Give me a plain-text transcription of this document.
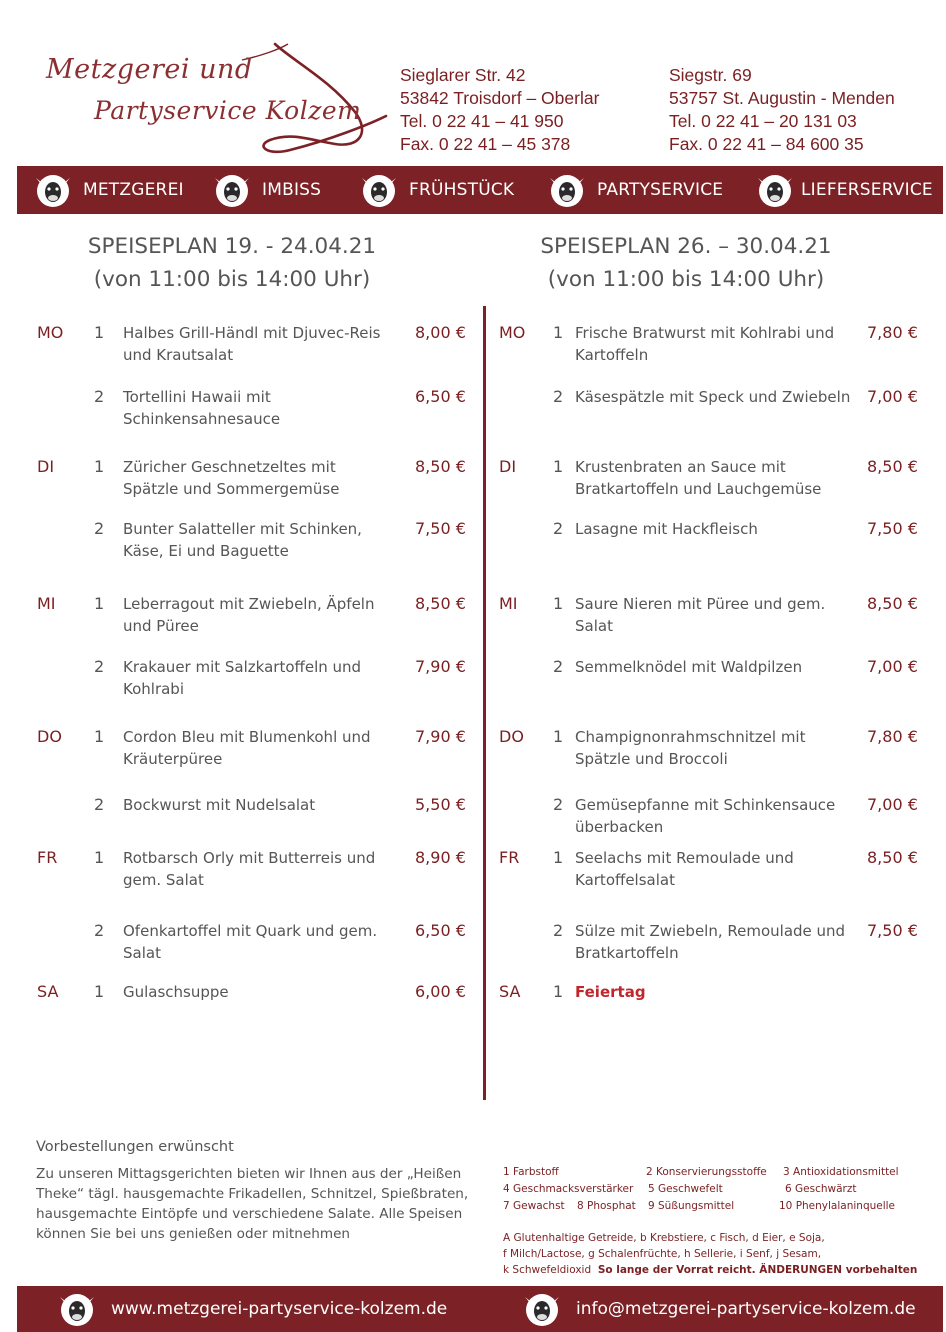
Metzgerei und
Partyservice Kolzem
Sieglarer Str. 42
53842 Troisdorf – Oberlar
Tel. 0 22 41 – 41 950
Fax. 0 22 41 – 45 378
Siegstr. 69
53757 St. Augustin - Menden
Tel. 0 22 41 – 20 131 03
Fax. 0 22 41 – 84 600 35
METZGEREI	IMBISS	FRÜHSTÜCK	PARTYSERVICE	LIEFERSERVICE
SPEISEPLAN 19. - 24.04.21
(von 11:00 bis 14:00 Uhr)
SPEISEPLAN 26. – 30.04.21
(von 11:00 bis 14:00 Uhr)
MO 1 Halbes Grill-Händl mit Djuvec-Reis und Krautsalat
8,00 €
2 Tortellini Hawaii mit Schinkensahnesauce
6,50 €
DI 1 Züricher Geschnetzeltes mit Spätzle und Sommergemüse
8,50 €
2 Bunter Salatteller mit Schinken, Käse, Ei und Baguette
7,50 €
MI 1 Leberragout mit Zwiebeln, Äpfeln und Püree
8,50 €
2 Krakauer mit Salzkartoffeln und Kohlrabi
7,90 €
DO 1 Cordon Bleu mit Blumenkohl und Kräuterpüree
7,90 €
2 Bockwurst mit Nudelsalat	5,50 €
FR 1 Rotbarsch Orly mit Butterreis und gem. Salat
8,90 €
2 Ofenkartoffel mit Quark und gem. Salat
6,50 €
SA 1 Gulaschsuppe	6,00 €
MO 1 Frische Bratwurst mit Kohlrabi und Kartoffeln
7,80 €
2 Käsespätzle mit Speck und Zwiebeln 7,00 €
DI 1 Krustenbraten an Sauce mit Bratkartoffeln und Lauchgemüse
8,50 €
2 Lasagne mit Hackfleisch	7,50 €
MI 1 Saure Nieren mit Püree und gem. Salat
8,50 €
2 Semmelknödel mit Waldpilzen	7,00 €
DO 1 Champignonrahmschnitzel mit Spätzle und Broccoli
7,80 €
2 Gemüsepfanne mit Schinkensauce überbacken
7,00 €
FR 1 Seelachs mit Remoulade und Kartoffelsalat
8,50 €
2 Sülze mit Zwiebeln, Remoulade und Bratkartoffeln
7,50 €
SA 1 Feiertag
Vorbestellungen erwünscht
Zu unseren Mittagsgerichten bieten wir Ihnen aus der „Heißen Theke“ tägl. hausgemachte Frikadellen, Schnitzel, Spießbraten, hausgemachte Eintöpfe und verschiedene Salate. Alle Speisen können Sie bei uns genießen oder mitnehmen
1 Farbstoff	2 Konservierungsstoffe 3 Antioxidationsmittel
4 Geschmacksverstärker 5 Geschwefelt	6 Geschwärzt
7 Gewachst 8 Phosphat 9 Süßungsmittel	10 Phenylalaninquelle
A Glutenhaltige Getreide, b Krebstiere, c Fisch, d Eier, e Soja,
f Milch/Lactose, g Schalenfrüchte, h Sellerie, i Senf, j Sesam,
k Schwefeldioxid So lange der Vorrat reicht. ÄNDERUNGEN vorbehalten
www.metzgerei-partyservice-kolzem.de	info@metzgerei-partyservice-kolzem.de
